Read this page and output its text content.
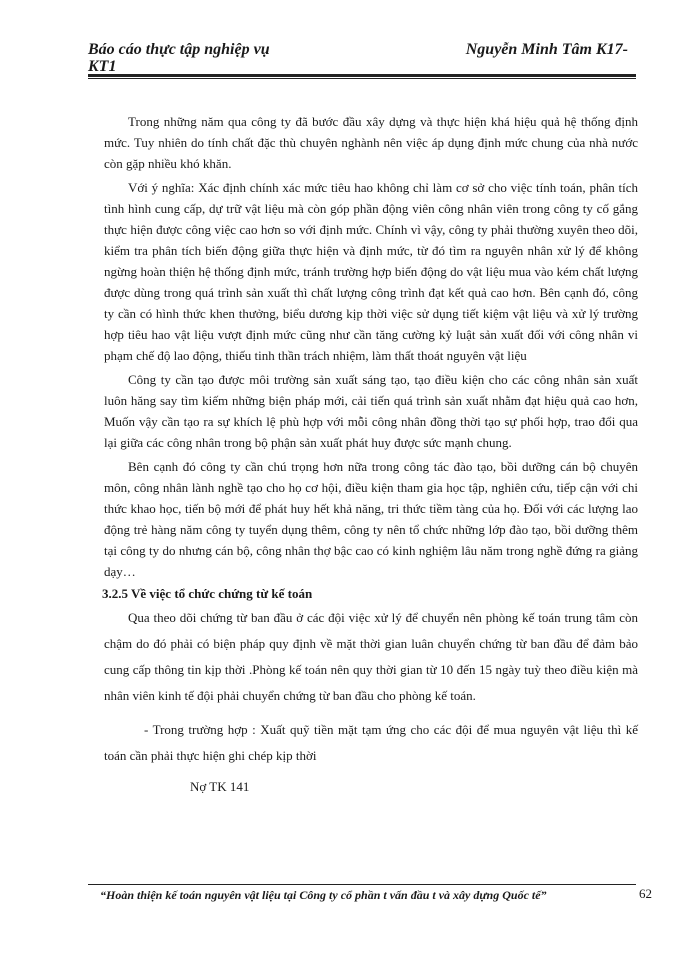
Báo cáo thực tập nghiệp vụ
KT1
Nguyễn Minh Tâm K17-

Trong những năm qua công ty đã bước đầu xây dựng và thực hiện khá hiệu quả hệ thống định mức. Tuy nhiên do tính chất đặc thù chuyên nghành nên việc áp dụng định mức chung của nhà nước còn gặp nhiều khó khăn.

Với ý nghĩa: Xác định chính xác mức tiêu hao không chỉ làm cơ sở cho việc tính toán, phân tích tình hình cung cấp, dự trữ vật liệu mà còn góp phần động viên công nhân viên trong công ty cố gắng thực hiện được công việc cao hơn so với định mức. Chính vì vậy, công ty phải thường xuyên theo dõi, kiểm tra phân tích biến động giữa thực hiện và định mức, từ đó tìm ra nguyên nhân xử lý để không ngừng hoàn thiện hệ thống định mức, tránh trường hợp biến động do vật liệu mua vào kém chất lượng được dùng trong quá trình sản xuất thì chất lượng công trình đạt kết quả cao hơn. Bên cạnh đó, công ty cần có hình thức khen thưởng, biểu dương kịp thời việc sử dụng tiết kiệm vật liệu và xử lý trường hợp tiêu hao vật liệu vượt định mức cũng như cần tăng cường kỷ luật sản xuất đối với công nhân vi phạm chế độ lao động, thiếu tinh thần trách nhiệm, làm thất thoát nguyên vật liệu

Công ty cần tạo được môi trường sản xuất sáng tạo, tạo điều kiện cho các công nhân sản xuất luôn hăng say tìm kiếm những biện pháp mới, cải tiến quá trình sản xuất nhằm đạt hiệu quả cao hơn, Muốn vậy cần tạo ra sự khích lệ phù hợp với mỗi công nhân đồng thời tạo sự phối hợp, trao đổi qua lại giữa các công nhân trong bộ phận sản xuất phát huy được sức mạnh chung.

Bên cạnh đó công ty cần chú trọng hơn nữa trong công tác đào tạo, bồi dưỡng cán bộ chuyên môn, công nhân lành nghề tạo cho họ cơ hội, điều kiện tham gia học tập, nghiên cứu, tiếp cận với chi thức khao học, tiến bộ mới để phát huy hết khả năng, tri thức tiềm tàng của họ. Đối với các lượng lao động trẻ hàng năm công ty tuyển dụng thêm, công ty nên tổ chức những lớp đào tạo, bồi dưỡng thêm tại công ty do nhưng cán bộ, công nhân thợ bậc cao có kinh nghiệm lâu năm trong nghề đứng ra giảng dạy…

3.2.5 Về việc tổ chức chứng từ kế toán

Qua theo dõi chứng từ ban đầu ở các đội việc xử lý để chuyển nên phòng kế toán trung tâm còn chậm do đó phải có biện pháp quy định về mặt thời gian luân chuyển chứng từ ban đầu để đảm bảo cung cấp thông tin kịp thời .Phòng kế toán nên quy thời gian từ 10 đến 15 ngày tuỳ theo điều kiện mà nhân viên kinh tế đội phải chuyển chứng từ ban đầu cho phòng kế toán.

- Trong trường hợp : Xuất quỹ tiền mặt tạm ứng cho các đội để mua nguyên vật liệu thì kế toán cần phải thực hiện ghi chép kịp thời

Nợ TK 141
“Hoàn thiện kế toán nguyên vật liệu tại Công ty cổ phần t vấn đầu t và xây dựng Quốc tế”	62
